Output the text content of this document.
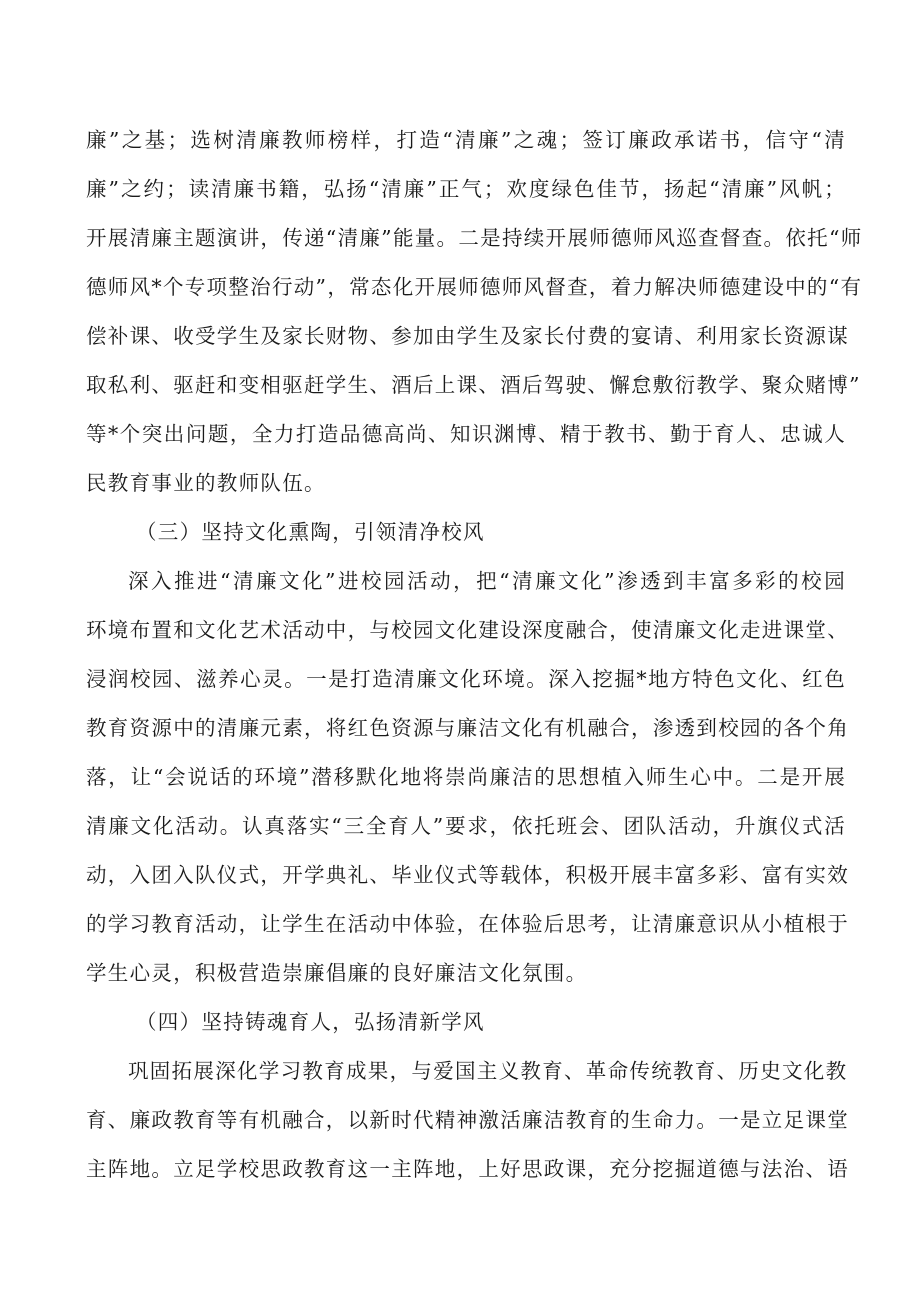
廉”之基；选树清廉教师榜样，打造“清廉”之魂；签订廉政承诺书，信守“清
廉”之约；读清廉书籍，弘扬“清廉”正气；欢度绿色佳节，扬起“清廉”风帆；
开展清廉主题演讲，传递“清廉”能量。二是持续开展师德师风巡查督查。依托“师
德师风*个专项整治行动”，常态化开展师德师风督查，着力解决师德建设中的“有
偿补课、收受学生及家长财物、参加由学生及家长付费的宴请、利用家长资源谋
取私利、驱赶和变相驱赶学生、酒后上课、酒后驾驶、懈怠敷衍教学、聚众赌博”
等*个突出问题，全力打造品德高尚、知识渊博、精于教书、勤于育人、忠诚人
民教育事业的教师队伍。
（三）坚持文化熏陶，引领清净校风
深入推进“清廉文化”进校园活动，把“清廉文化”渗透到丰富多彩的校园
环境布置和文化艺术活动中，与校园文化建设深度融合，使清廉文化走进课堂、
浸润校园、滋养心灵。一是打造清廉文化环境。深入挖掘*地方特色文化、红色
教育资源中的清廉元素，将红色资源与廉洁文化有机融合，渗透到校园的各个角
落，让“会说话的环境”潜移默化地将崇尚廉洁的思想植入师生心中。二是开展
清廉文化活动。认真落实“三全育人”要求，依托班会、团队活动，升旗仪式活
动，入团入队仪式，开学典礼、毕业仪式等载体，积极开展丰富多彩、富有实效
的学习教育活动，让学生在活动中体验，在体验后思考，让清廉意识从小植根于
学生心灵，积极营造崇廉倡廉的良好廉洁文化氛围。
（四）坚持铸魂育人，弘扬清新学风
巩固拓展深化学习教育成果，与爱国主义教育、革命传统教育、历史文化教
育、廉政教育等有机融合，以新时代精神激活廉洁教育的生命力。一是立足课堂
主阵地。立足学校思政教育这一主阵地，上好思政课，充分挖掘道德与法治、语
